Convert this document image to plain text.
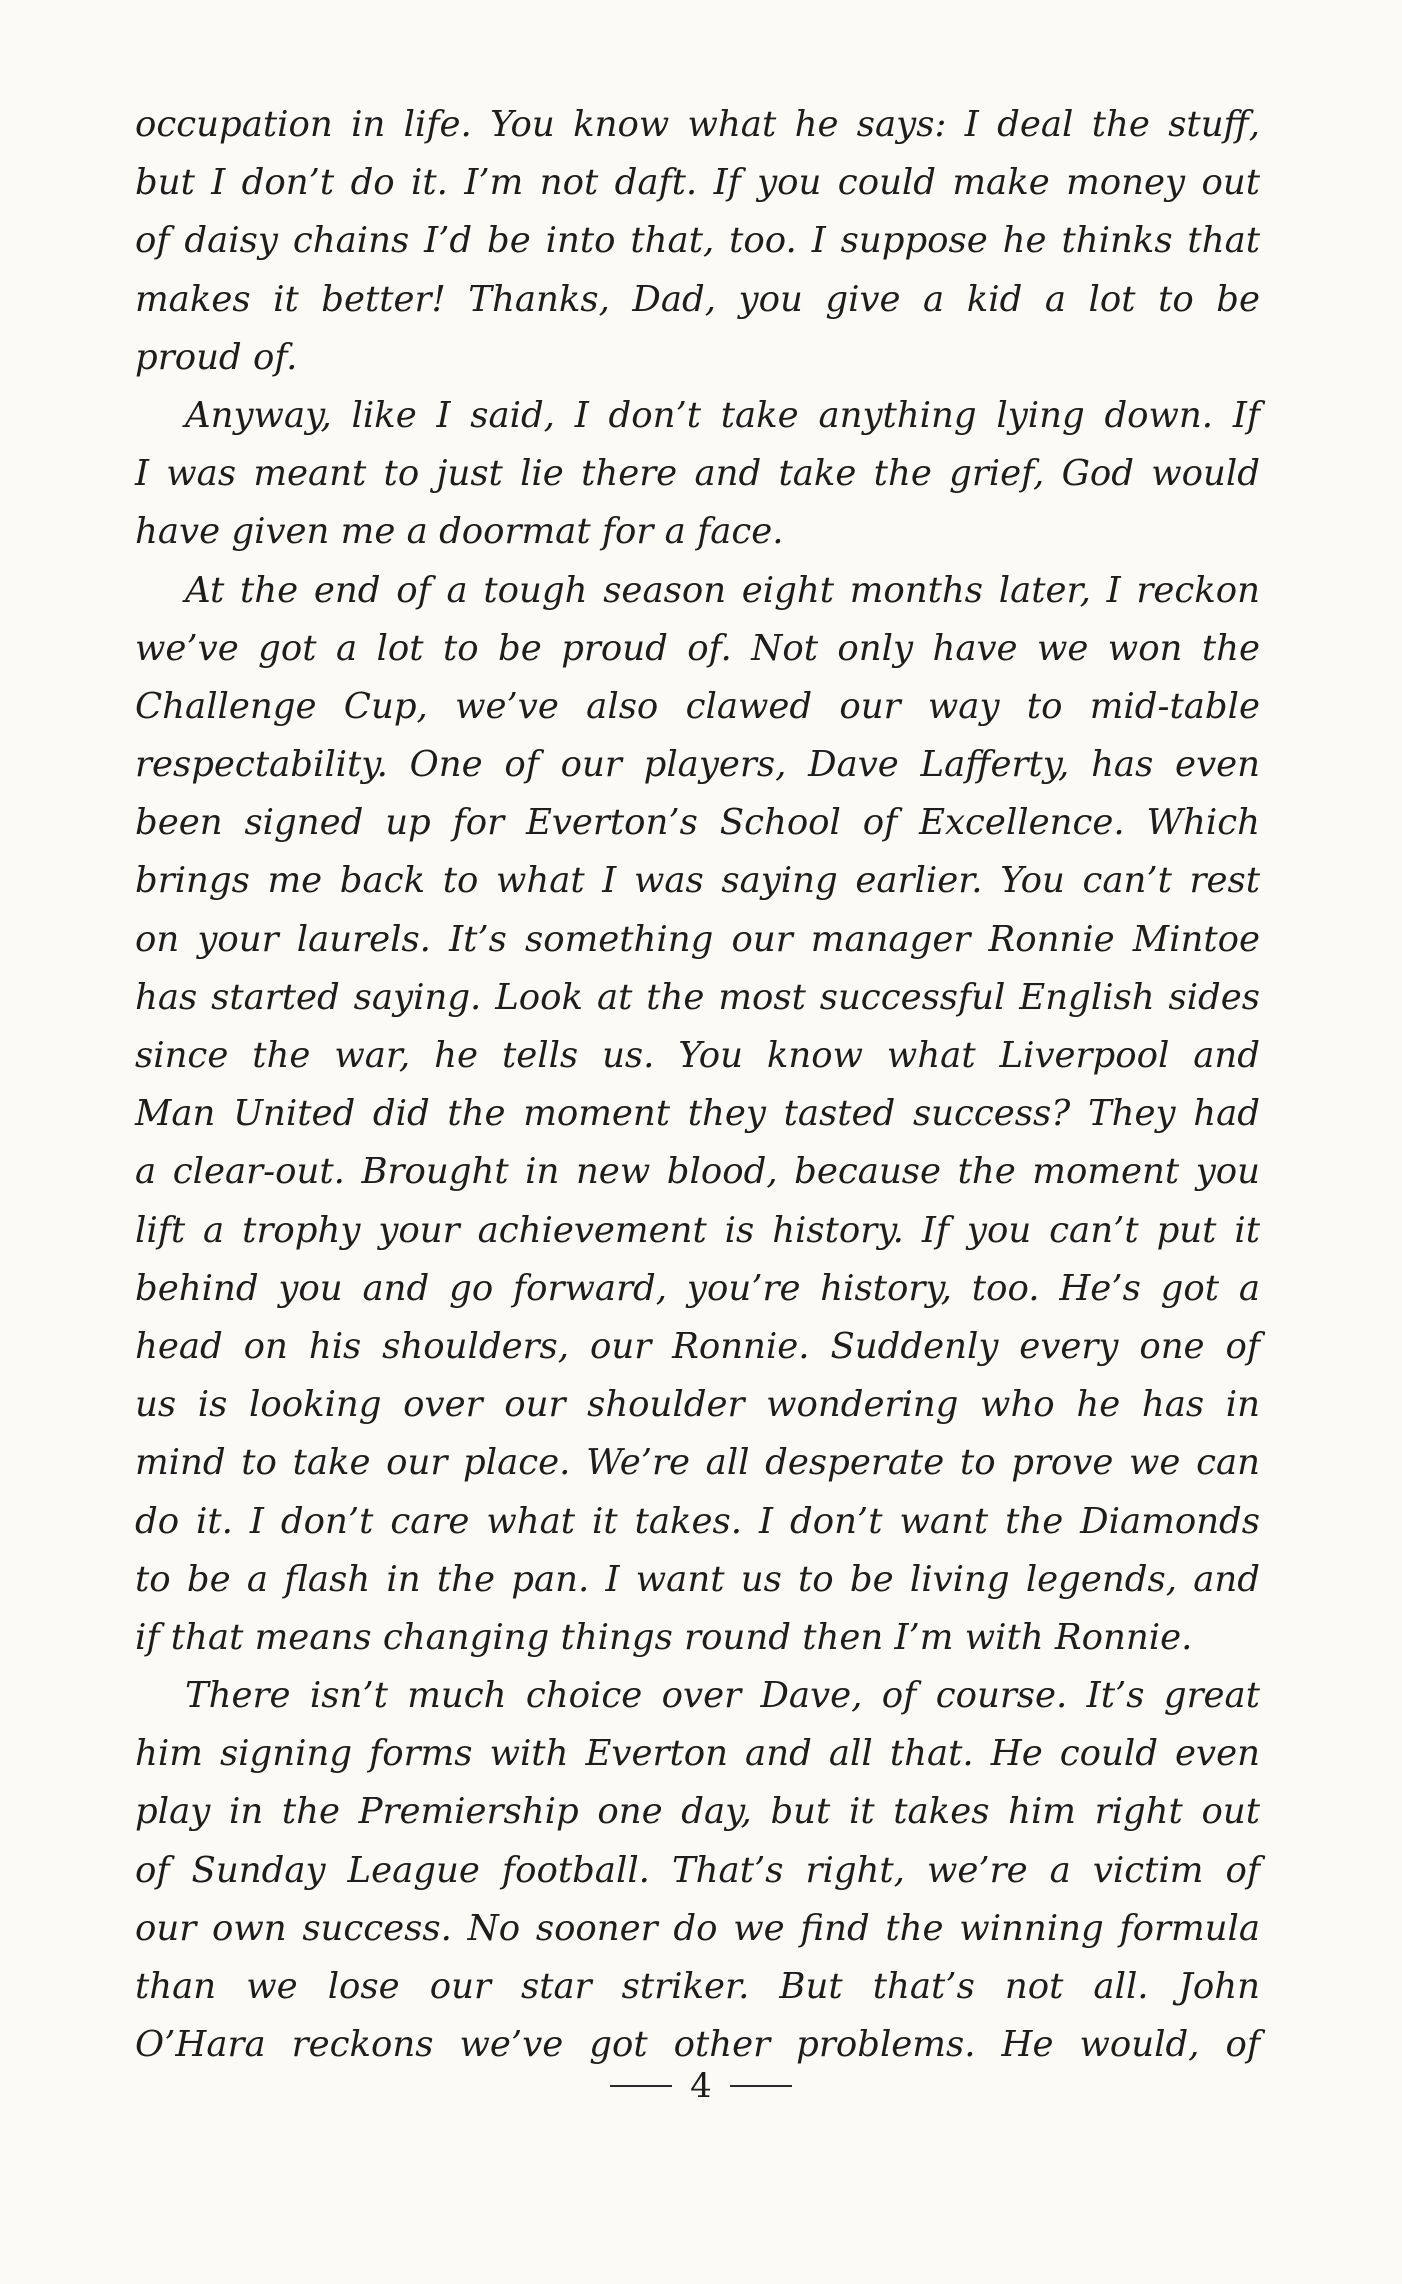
occupation in life. You know what he says: I deal the stuff,
but I don’t do it. I’m not daft. If you could make money out
of daisy chains I’d be into that, too. I suppose he thinks that
makes it better! Thanks, Dad, you give a kid a lot to be
proud of.
Anyway, like I said, I don’t take anything lying down. If
I was meant to just lie there and take the grief, God would
have given me a doormat for a face.
At the end of a tough season eight months later, I reckon
we’ve got a lot to be proud of. Not only have we won the
Challenge Cup, we’ve also clawed our way to mid-table
respectability. One of our players, Dave Lafferty, has even
been signed up for Everton’s School of Excellence. Which
brings me back to what I was saying earlier. You can’t rest
on your laurels. It’s something our manager Ronnie Mintoe
has started saying. Look at the most successful English sides
since the war, he tells us. You know what Liverpool and
Man United did the moment they tasted success? They had
a clear-out. Brought in new blood, because the moment you
lift a trophy your achievement is history. If you can’t put it
behind you and go forward, you’re history, too. He’s got a
head on his shoulders, our Ronnie. Suddenly every one of
us is looking over our shoulder wondering who he has in
mind to take our place. We’re all desperate to prove we can
do it. I don’t care what it takes. I don’t want the Diamonds
to be a flash in the pan. I want us to be living legends, and
if that means changing things round then I’m with Ronnie.
There isn’t much choice over Dave, of course. It’s great
him signing forms with Everton and all that. He could even
play in the Premiership one day, but it takes him right out
of Sunday League football. That’s right, we’re a victim of
our own success. No sooner do we find the winning formula
than we lose our star striker. But that’s not all. John
O’Hara reckons we’ve got other problems. He would, of
4
